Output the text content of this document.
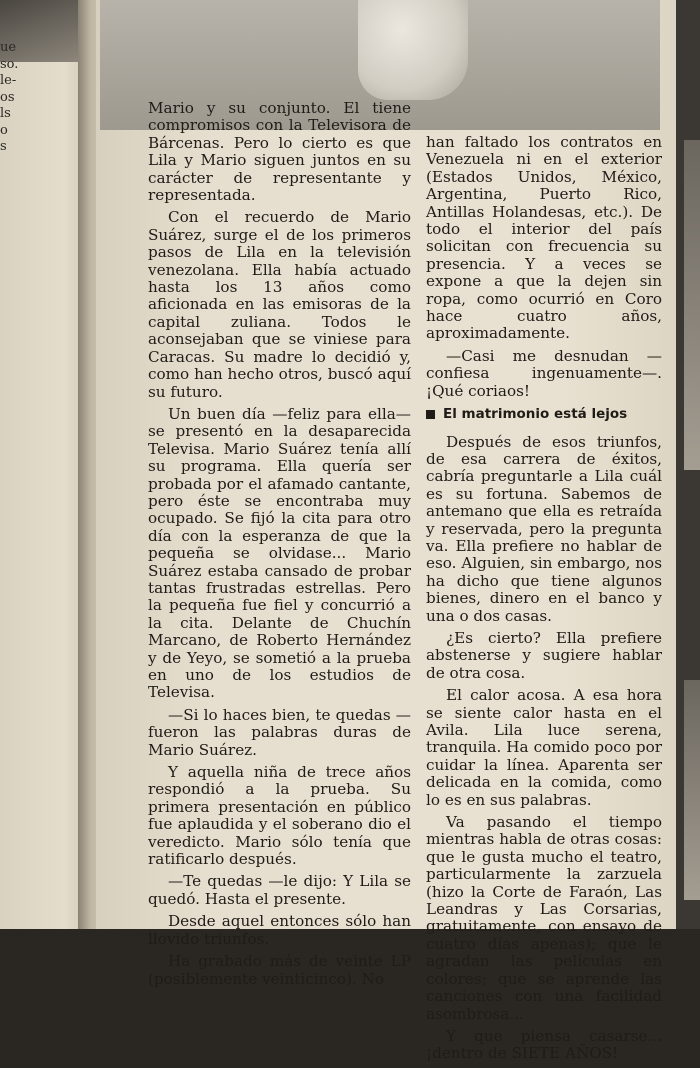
ue
so.
le-
os
ls
o
s

Mario y su conjunto. El tiene compromisos con la Televisora de Bárcenas. Pero lo cierto es que Lila y Mario siguen juntos en su carácter de representante y representada.

Con el recuerdo de Mario Suárez, surge el de los primeros pasos de Lila en la televisión venezolana. Ella había actuado hasta los 13 años como aficionada en las emisoras de la capital zuliana. Todos le aconsejaban que se viniese para Caracas. Su madre lo decidió y, como han hecho otros, buscó aquí su futuro.

Un buen día —feliz para ella— se presentó en la desaparecida Televisa. Mario Suárez tenía allí su programa. Ella quería ser probada por el afamado cantante, pero éste se encontraba muy ocupado. Se fijó la cita para otro día con la esperanza de que la pequeña se olvidase... Mario Suárez estaba cansado de probar tantas frustradas estrellas. Pero la pequeña fue fiel y concurrió a la cita. Delante de Chuchín Marcano, de Roberto Hernández y de Yeyo, se sometió a la prueba en uno de los estudios de Televisa.

—Si lo haces bien, te quedas —fueron las palabras duras de Mario Suárez.

Y aquella niña de trece años respondió a la prueba. Su primera presentación en público fue aplaudida y el soberano dio el veredicto. Mario sólo tenía que ratificarlo después.

—Te quedas —le dijo: Y Lila se quedó. Hasta el presente.

Desde aquel entonces sólo han llovido triunfos.

Ha grabado más de veinte LP (posiblemente veinticinco). No

han faltado los contratos en Venezuela ni en el exterior (Estados Unidos, México, Argentina, Puerto Rico, Antillas Holandesas, etc.). De todo el interior del país solicitan con frecuencia su presencia. Y a veces se expone a que la dejen sin ropa, como ocurrió en Coro hace cuatro años, aproximadamente.

—Casi me desnudan —confiesa ingenuamente—. ¡Qué coriaos!

El matrimonio está lejos

Después de esos triunfos, de esa carrera de éxitos, cabría preguntarle a Lila cuál es su fortuna. Sabemos de antemano que ella es retraída y reservada, pero la pregunta va. Ella prefiere no hablar de eso. Alguien, sin embargo, nos ha dicho que tiene algunos bienes, dinero en el banco y una o dos casas.

¿Es cierto? Ella prefiere abstenerse y sugiere hablar de otra cosa.

El calor acosa. A esa hora se siente calor hasta en el Avila. Lila luce serena, tranquila. Ha comido poco por cuidar la línea. Aparenta ser delicada en la comida, como lo es en sus palabras.

Va pasando el tiempo mientras habla de otras cosas: que le gusta mucho el teatro, particularmente la zarzuela (hizo la Corte de Faraón, Las Leandras y Las Corsarias, gratuitamente, con ensayo de cuatro días apenas); que le agradan las películas en colores; que se aprende las canciones con una facilidad asombrosa...

Y que piensa casarse... ¡dentro de SIETE AÑOS!
